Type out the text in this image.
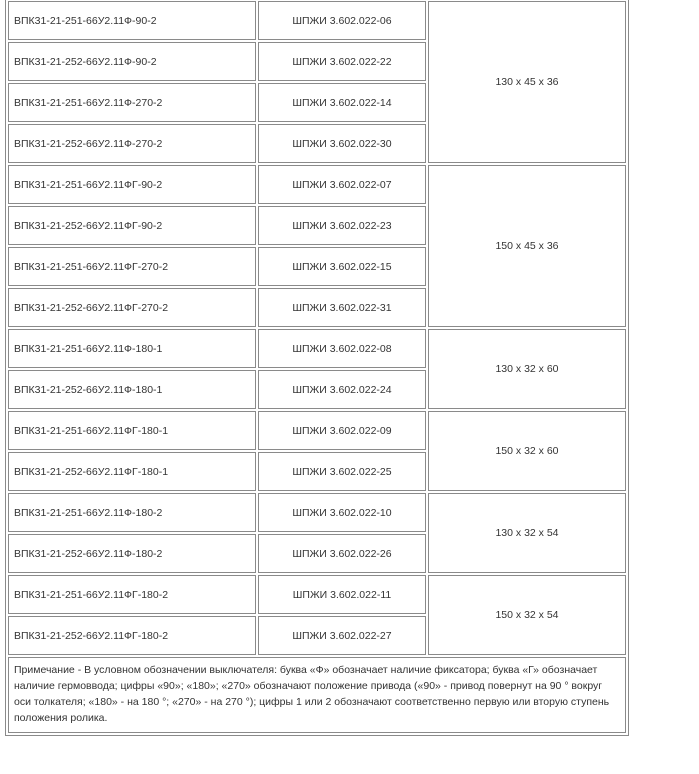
ВПК31-21-251-66У2.11Ф-90-2	ШПЖИ 3.602.022-06	130 x 45 x 36
ВПК31-21-252-66У2.11Ф-90-2	ШПЖИ 3.602.022-22	
ВПК31-21-251-66У2.11Ф-270-2	ШПЖИ 3.602.022-14	
ВПК31-21-252-66У2.11Ф-270-2	ШПЖИ 3.602.022-30	
ВПК31-21-251-66У2.11ФГ-90-2	ШПЖИ 3.602.022-07	150 x 45 x 36
ВПК31-21-252-66У2.11ФГ-90-2	ШПЖИ 3.602.022-23	
ВПК31-21-251-66У2.11ФГ-270-2	ШПЖИ 3.602.022-15	
ВПК31-21-252-66У2.11ФГ-270-2	ШПЖИ 3.602.022-31	
ВПК31-21-251-66У2.11Ф-180-1	ШПЖИ 3.602.022-08	130 x 32 x 60
ВПК31-21-252-66У2.11Ф-180-1	ШПЖИ 3.602.022-24	
ВПК31-21-251-66У2.11ФГ-180-1	ШПЖИ 3.602.022-09	150 x 32 x 60
ВПК31-21-252-66У2.11ФГ-180-1	ШПЖИ 3.602.022-25	
ВПК31-21-251-66У2.11Ф-180-2	ШПЖИ 3.602.022-10	130 x 32 x 54
ВПК31-21-252-66У2.11Ф-180-2	ШПЖИ 3.602.022-26	
ВПК31-21-251-66У2.11ФГ-180-2	ШПЖИ 3.602.022-11	150 x 32 x 54
ВПК31-21-252-66У2.11ФГ-180-2	ШПЖИ 3.602.022-27	
Примечание - В условном обозначении выключателя: буква «Ф» обозначает наличие фиксатора; буква «Г» обозначает наличие гермоввода; цифры «90»; «180»; «270» обозначают положение привода («90» - привод повернут на 90 ° вокруг оси толкателя; «180» - на 180 °; «270» - на 270 °); цифры 1 или 2 обозначают соответственно первую или вторую ступень положения ролика.		
